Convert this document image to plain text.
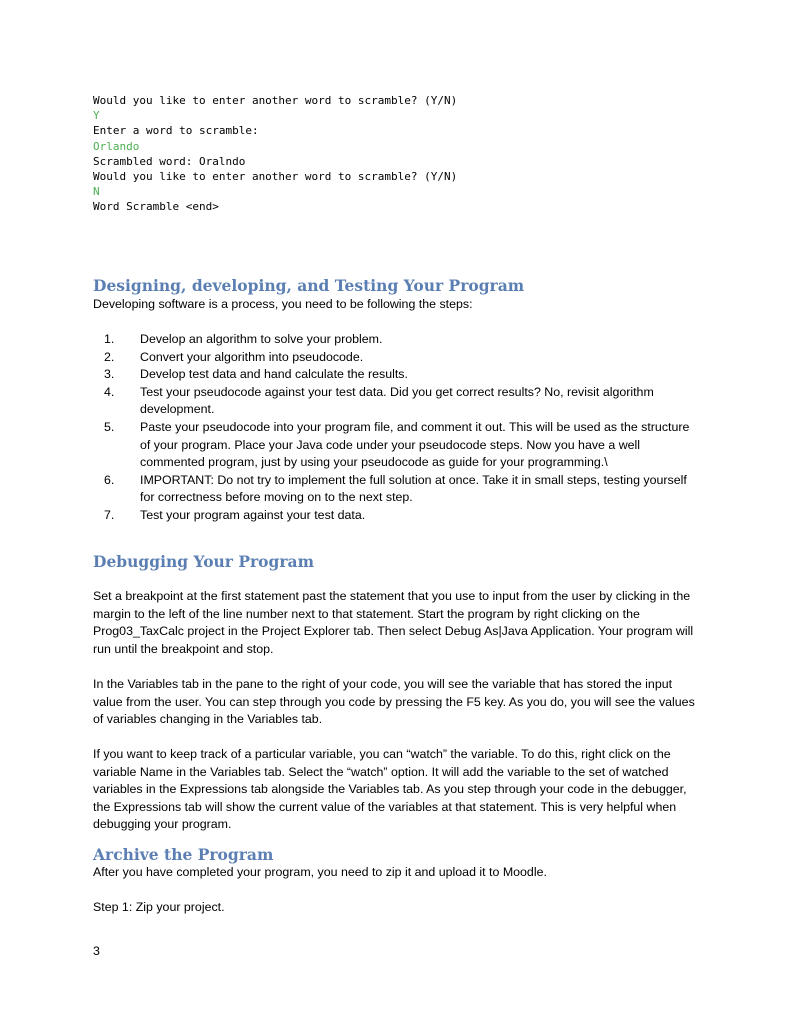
Would you like to enter another word to scramble? (Y/N)
Y
Enter a word to scramble:
Orlando
Scrambled word: Oralndo
Would you like to enter another word to scramble? (Y/N)
N
Word Scramble <end>
Designing, developing, and Testing Your Program
Developing software is a process, you need to be following the steps:
1.	Develop an algorithm to solve your problem.
2.	Convert your algorithm into pseudocode.
3.	Develop test data and hand calculate the results.
4.	Test your pseudocode against your test data. Did you get correct results? No, revisit algorithm development.
5.	Paste your pseudocode into your program file, and comment it out. This will be used as the structure of your program. Place your Java code under your pseudocode steps. Now you have a well commented program, just by using your pseudocode as guide for your programming.\
6.	IMPORTANT: Do not try to implement the full solution at once. Take it in small steps, testing yourself for correctness before moving on to the next step.
7.	Test your program against your test data.
Debugging Your Program
Set a breakpoint at the first statement past the statement that you use to input from the user by clicking in the margin to the left of the line number next to that statement. Start the program by right clicking on the Prog03_TaxCalc project in the Project Explorer tab. Then select Debug As|Java Application. Your program will run until the breakpoint and stop.
In the Variables tab in the pane to the right of your code, you will see the variable that has stored the input value from the user. You can step through you code by pressing the F5 key. As you do, you will see the values of variables changing in the Variables tab.
If you want to keep track of a particular variable, you can “watch” the variable. To do this, right click on the variable Name in the Variables tab. Select the “watch” option. It will add the variable to the set of watched variables in the Expressions tab alongside the Variables tab. As you step through your code in the debugger, the Expressions tab will show the current value of the variables at that statement. This is very helpful when debugging your program.
Archive the Program
After you have completed your program, you need to zip it and upload it to Moodle.
Step 1: Zip your project.
3
